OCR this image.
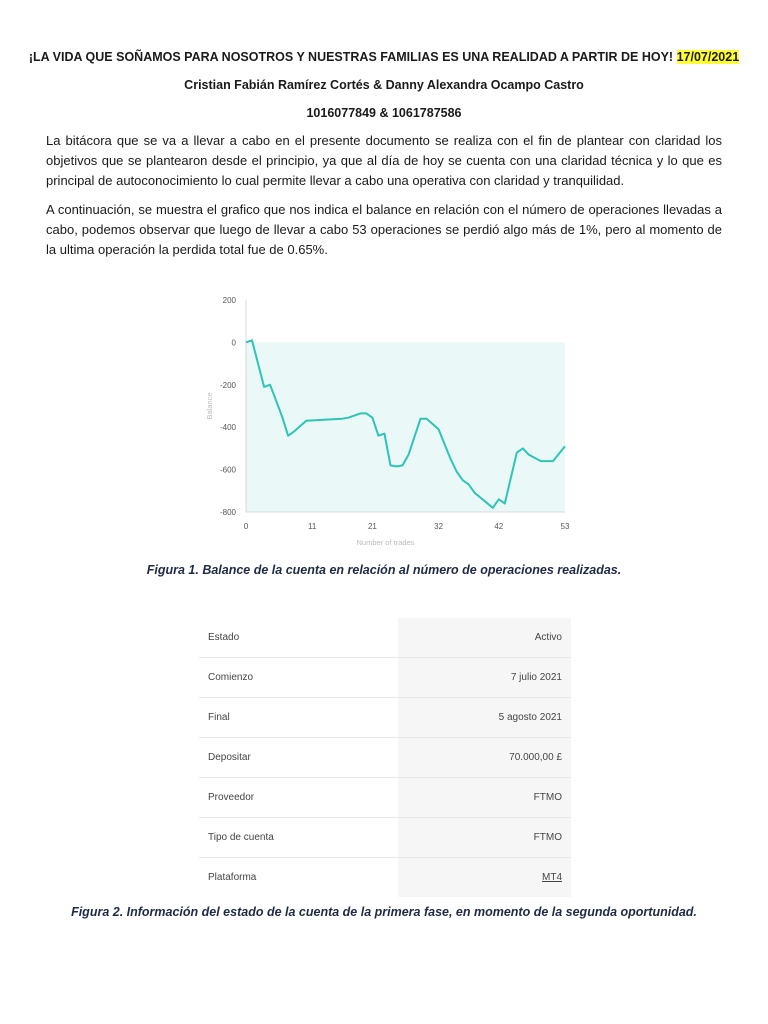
¡LA VIDA QUE SOÑAMOS PARA NOSOTROS Y NUESTRAS FAMILIAS ES UNA REALIDAD A PARTIR DE HOY! 17/07/2021
Cristian Fabián Ramírez Cortés & Danny Alexandra Ocampo Castro
1016077849 & 1061787586
La bitácora que se va a llevar a cabo en el presente documento se realiza con el fin de plantear con claridad los objetivos que se plantearon desde el principio, ya que al día de hoy se cuenta con una claridad técnica y lo que es principal de autoconocimiento lo cual permite llevar a cabo una operativa con claridad y tranquilidad.
A continuación, se muestra el grafico que nos indica el balance en relación con el número de operaciones llevadas a cabo, podemos observar que luego de llevar a cabo 53 operaciones se perdió algo más de 1%, pero al momento de la ultima operación la perdida total fue de 0.65%.
200
0
-200
-400
-600
-800
0	11	21	32	42	53
Number of trades
Balance
Figura 1. Balance de la cuenta en relación al número de operaciones realizadas.
Estado	Activo
Comienzo	7 julio 2021
Final	5 agosto 2021
Depositar	70.000,00 £
Proveedor	FTMO
Tipo de cuenta	FTMO
Plataforma	MT4
Figura 2. Información del estado de la cuenta de la primera fase, en momento de la segunda oportunidad.
